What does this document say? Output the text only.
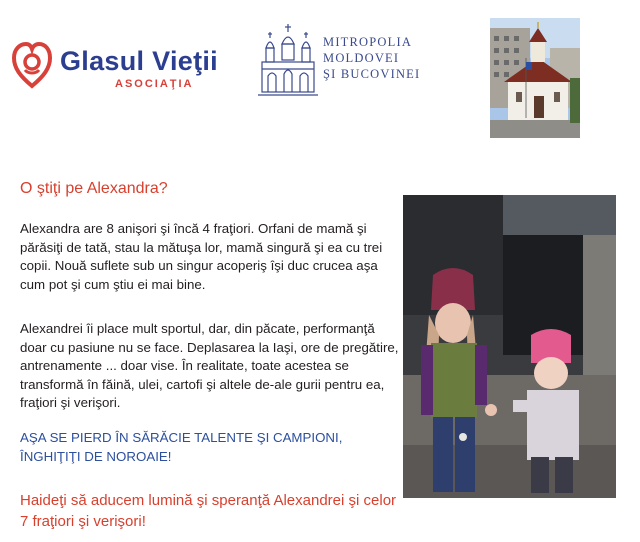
Glasul Vieţii
ASOCIAŢIA
MITROPOLIA
MOLDOVEI
ŞI BUCOVINEI
O ştiţi pe Alexandra?
Alexandra are 8 anişori şi încă 4 fraţiori. Orfani de mamă şi părăsiţi de tată, stau la mătuşa lor, mamă singură şi ea cu trei copii. Nouă suflete sub un singur acoperiş îşi duc crucea aşa cum pot şi cum ştiu ei mai bine.
Alexandrei îi place mult sportul, dar, din păcate, performanţă doar cu pasiune nu se face. Deplasarea la Iaşi, ore de pregătire, antrenamente ... doar vise. În realitate, toate acestea se transformă în făină, ulei, cartofi şi altele de-ale gurii pentru ea, fraţiori şi verişori.
AŞA SE PIERD ÎN SĂRĂCIE TALENTE ŞI CAMPIONI, ÎNGHIŢIŢI DE NOROAIE!
Haideţi să aducem lumină şi speranţă Alexandrei şi celor 7 fraţiori şi verişori!
